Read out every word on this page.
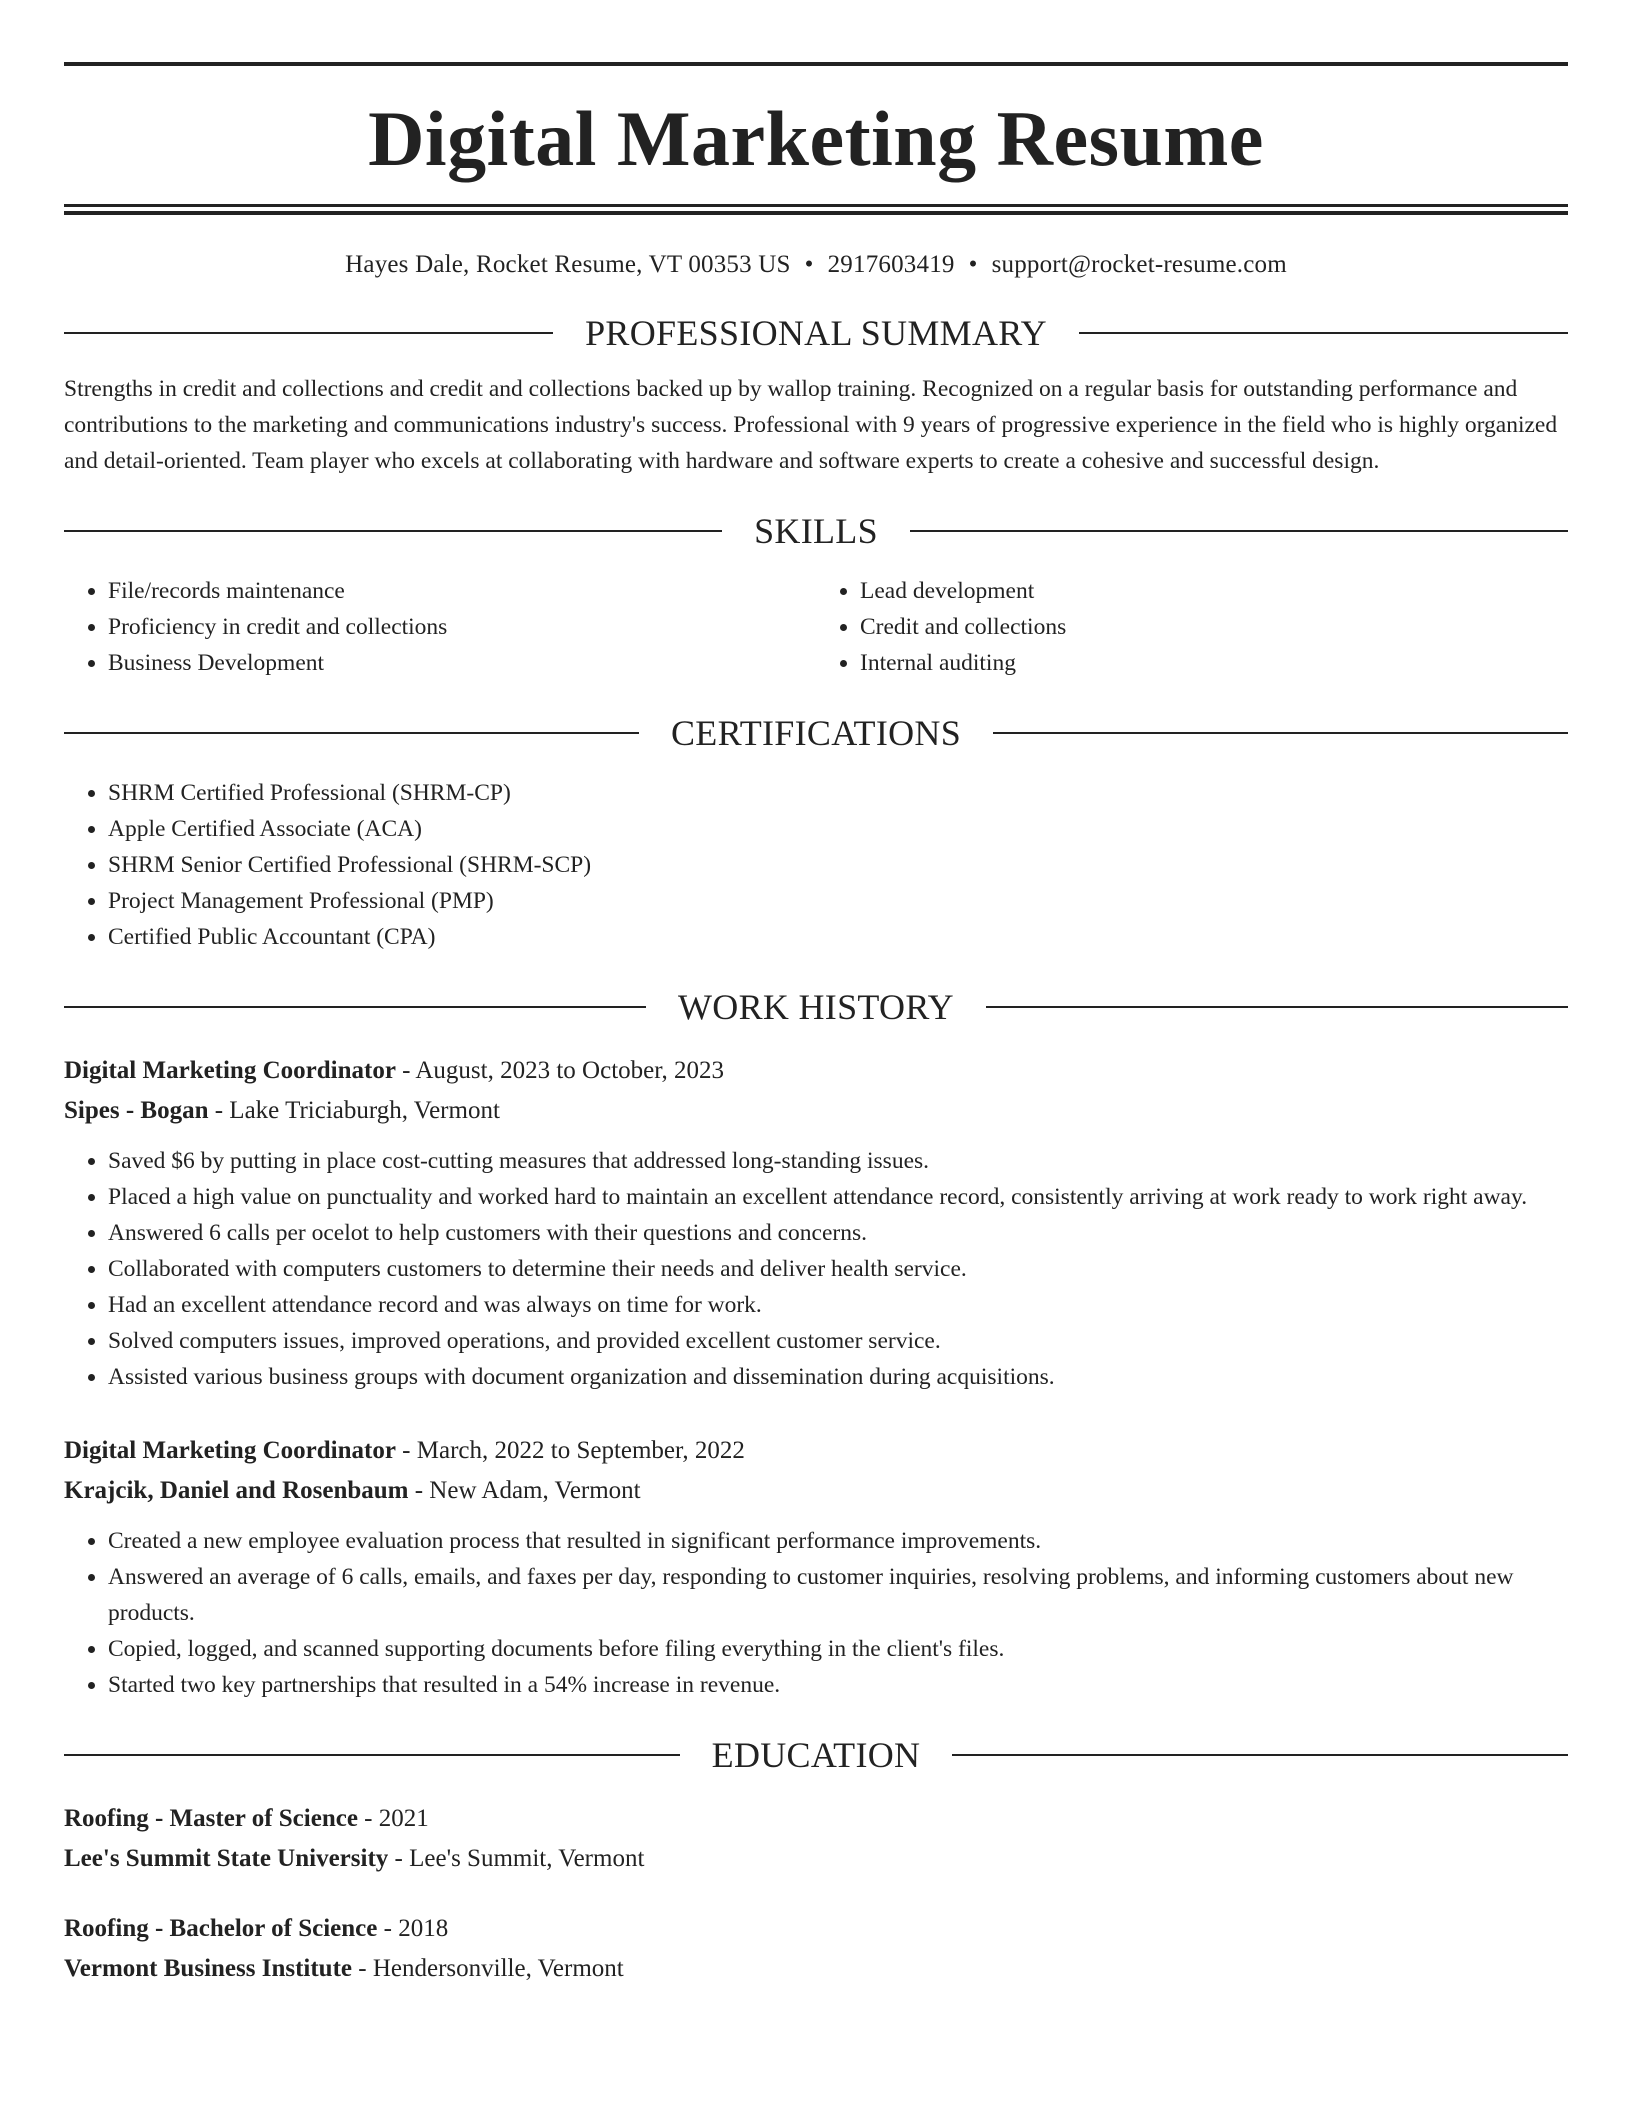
Digital Marketing Resume
Hayes Dale, Rocket Resume, VT 00353 US • 2917603419 • support@rocket-resume.com
PROFESSIONAL SUMMARY
Strengths in credit and collections and credit and collections backed up by wallop training. Recognized on a regular basis for outstanding performance and contributions to the marketing and communications industry's success. Professional with 9 years of progressive experience in the field who is highly organized and detail-oriented. Team player who excels at collaborating with hardware and software experts to create a cohesive and successful design.
SKILLS
• File/records maintenance
• Proficiency in credit and collections
• Business Development
• Lead development
• Credit and collections
• Internal auditing
CERTIFICATIONS
• SHRM Certified Professional (SHRM-CP)
• Apple Certified Associate (ACA)
• SHRM Senior Certified Professional (SHRM-SCP)
• Project Management Professional (PMP)
• Certified Public Accountant (CPA)
WORK HISTORY
Digital Marketing Coordinator - August, 2023 to October, 2023
Sipes - Bogan - Lake Triciaburgh, Vermont
• Saved $6 by putting in place cost-cutting measures that addressed long-standing issues.
• Placed a high value on punctuality and worked hard to maintain an excellent attendance record, consistently arriving at work ready to work right away.
• Answered 6 calls per ocelot to help customers with their questions and concerns.
• Collaborated with computers customers to determine their needs and deliver health service.
• Had an excellent attendance record and was always on time for work.
• Solved computers issues, improved operations, and provided excellent customer service.
• Assisted various business groups with document organization and dissemination during acquisitions.
Digital Marketing Coordinator - March, 2022 to September, 2022
Krajcik, Daniel and Rosenbaum - New Adam, Vermont
• Created a new employee evaluation process that resulted in significant performance improvements.
• Answered an average of 6 calls, emails, and faxes per day, responding to customer inquiries, resolving problems, and informing customers about new products.
• Copied, logged, and scanned supporting documents before filing everything in the client's files.
• Started two key partnerships that resulted in a 54% increase in revenue.
EDUCATION
Roofing - Master of Science - 2021
Lee's Summit State University - Lee's Summit, Vermont
Roofing - Bachelor of Science - 2018
Vermont Business Institute - Hendersonville, Vermont
